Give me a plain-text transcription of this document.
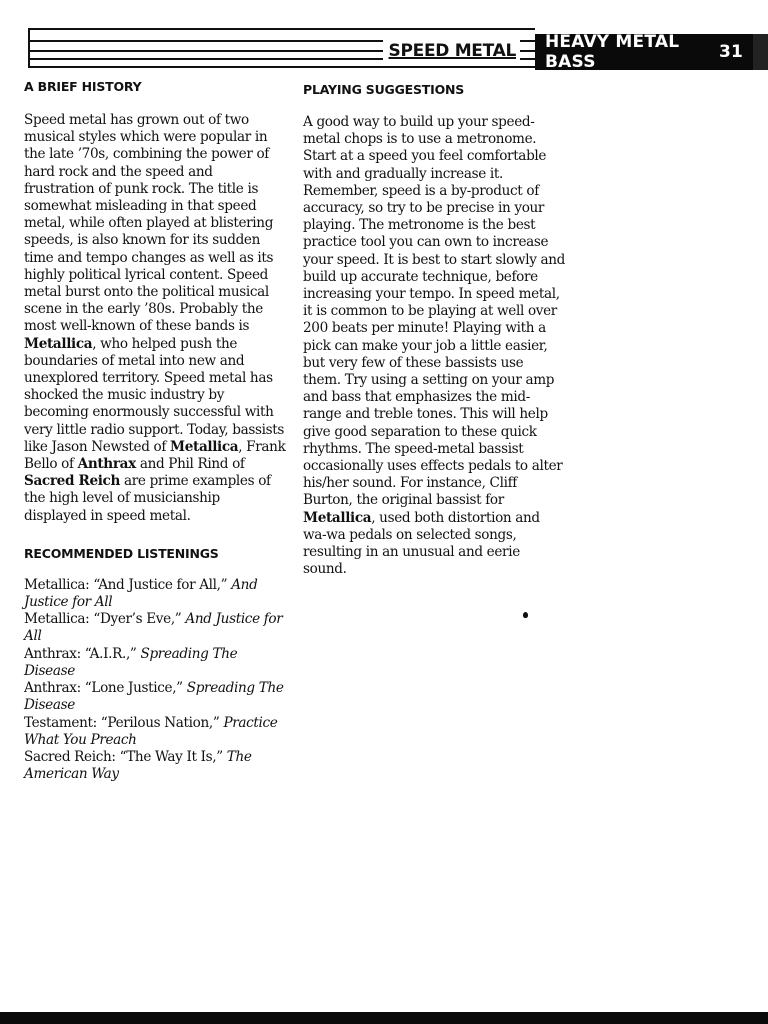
SPEED METAL HEAVY METAL BASS	31
A BRIEF HISTORY

Speed metal has grown out of two musical styles which were popular in the late ’70s, combining the power of hard rock and the speed and frustration of punk rock. The title is somewhat misleading in that speed metal, while often played at blistering speeds, is also known for its sudden time and tempo changes as well as its highly political lyrical content. Speed metal burst onto the political musical scene in the early ’80s. Probably the most well-known of these bands is Metallica, who helped push the boundaries of metal into new and unexplored territory. Speed metal has shocked the music industry by becoming enormously successful with very little radio support. Today, bassists like Jason Newsted of Metallica, Frank Bello of Anthrax and Phil Rind of Sacred Reich are prime examples of the high level of musicianship displayed in speed metal.

RECOMMENDED LISTENINGS
Metallica: “And Justice for All,” And Justice for All
Metallica: “Dyer’s Eve,” And Justice for All
Anthrax: “A.I.R.,” Spreading The Disease
Anthrax: “Lone Justice,” Spreading The Disease
Testament: “Perilous Nation,” Practice What You Preach
Sacred Reich: “The Way It Is,” The American Way
PLAYING SUGGESTIONS

A good way to build up your speed-metal chops is to use a metronome. Start at a speed you feel comfortable with and gradually increase it. Remember, speed is a by-product of accuracy, so try to be precise in your playing. The metronome is the best practice tool you can own to increase your speed. It is best to start slowly and build up accurate technique, before increasing your tempo. In speed metal, it is common to be playing at well over 200 beats per minute! Playing with a pick can make your job a little easier, but very few of these bassists use them. Try using a setting on your amp and bass that emphasizes the mid-range and treble tones. This will help give good separation to these quick rhythms. The speed-metal bassist occasionally uses effects pedals to alter his/her sound. For instance, Cliff Burton, the original bassist for Metallica, used both distortion and wa-wa pedals on selected songs, resulting in an unusual and eerie sound.
